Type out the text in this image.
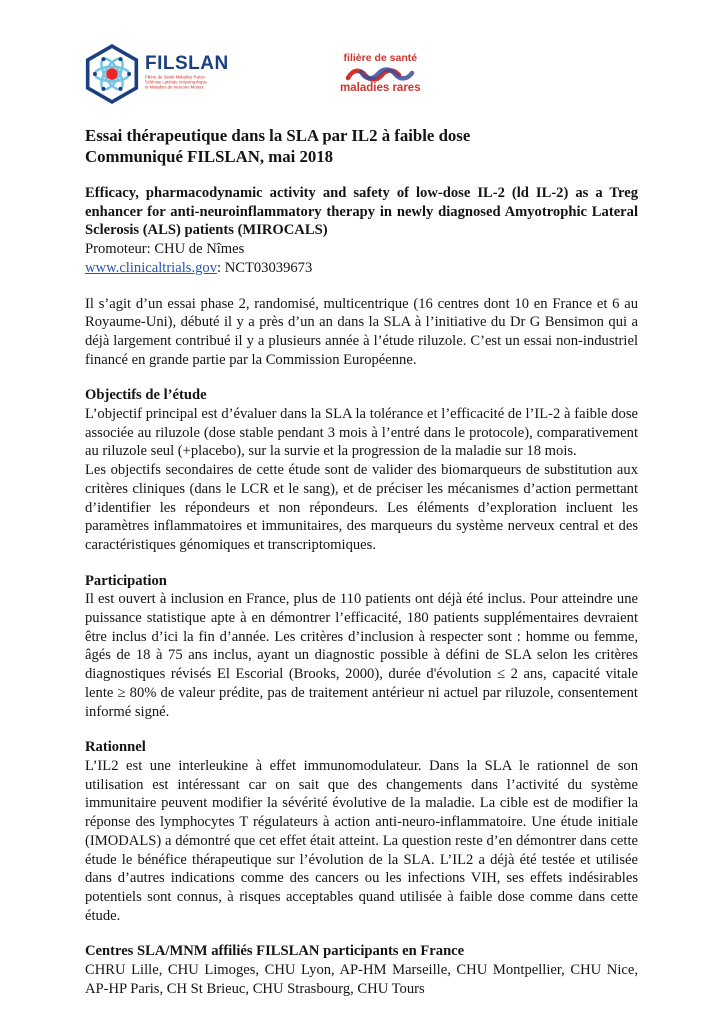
FILSLAN
Filière de Santé Maladies Rares
Sclérose Latérale Amyotrophique
et Maladies du Neurone Moteur
filière de santé
maladies rares
Essai thérapeutique dans la SLA par IL2 à faible dose
Communiqué FILSLAN, mai 2018
Efficacy, pharmacodynamic activity and safety of low-dose IL-2 (ld IL-2) as a Treg enhancer for anti-neuroinflammatory therapy in newly diagnosed Amyotrophic Lateral Sclerosis (ALS) patients (MIROCALS)
Promoteur: CHU de Nîmes
www.clinicaltrials.gov: NCT03039673
Il s’agit d’un essai phase 2, randomisé, multicentrique (16 centres dont 10 en France et 6 au Royaume-Uni), débuté il y a près d’un an dans la SLA à l’initiative du Dr G Bensimon qui a déjà largement contribué il y a plusieurs année à l’étude riluzole. C’est un essai non-industriel financé en grande partie par la Commission Européenne.
Objectifs de l’étude
L’objectif principal est d’évaluer dans la SLA la tolérance et l’efficacité de l’IL-2 à faible dose associée au riluzole (dose stable pendant 3 mois à l’entré dans le protocole), comparativement au riluzole seul (+placebo), sur la survie et la progression de la maladie sur 18 mois.
Les objectifs secondaires de cette étude sont de valider des biomarqueurs de substitution aux critères cliniques (dans le LCR et le sang), et de préciser les mécanismes d’action permettant d’identifier les répondeurs et non répondeurs. Les éléments d’exploration incluent les paramètres inflammatoires et immunitaires, des marqueurs du système nerveux central et des caractéristiques génomiques et transcriptomiques.
Participation
Il est ouvert à inclusion en France, plus de 110 patients ont déjà été inclus. Pour atteindre une puissance statistique apte à en démontrer l’efficacité, 180 patients supplémentaires devraient être inclus d’ici la fin d’année. Les critères d’inclusion à respecter sont : homme ou femme, âgés de 18 à 75 ans inclus, ayant un diagnostic possible à défini de SLA selon les critères diagnostiques révisés El Escorial (Brooks, 2000), durée d'évolution ≤ 2 ans, capacité vitale lente ≥ 80% de valeur prédite, pas de traitement antérieur ni actuel par riluzole, consentement informé signé.
Rationnel
L’IL2 est une interleukine à effet immunomodulateur. Dans la SLA le rationnel de son utilisation est intéressant car on sait que des changements dans l’activité du système immunitaire peuvent modifier la sévérité évolutive de la maladie. La cible est de modifier la réponse des lymphocytes T régulateurs à action anti-neuro-inflammatoire. Une étude initiale (IMODALS) a démontré que cet effet était atteint. La question reste d’en démontrer dans cette étude le bénéfice thérapeutique sur l’évolution de la SLA. L’IL2 a déjà été testée et utilisée dans d’autres indications comme des cancers ou les infections VIH, ses effets indésirables potentiels sont connus, à risques acceptables quand utilisée à faible dose comme dans cette étude.
Centres SLA/MNM affiliés FILSLAN participants en France
CHRU Lille, CHU Limoges, CHU Lyon, AP-HM Marseille, CHU Montpellier, CHU Nice, AP-HP Paris, CH St Brieuc, CHU Strasbourg, CHU Tours
